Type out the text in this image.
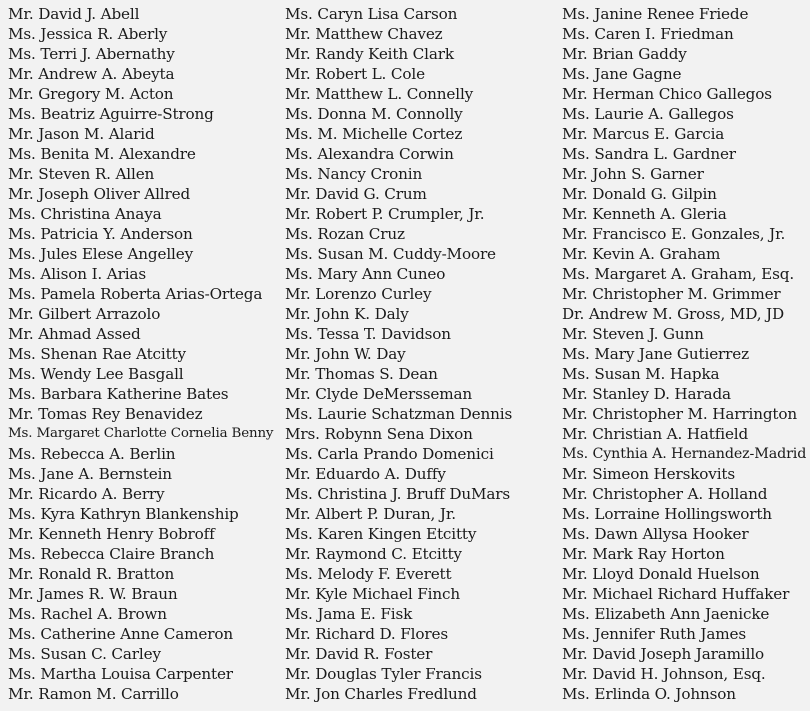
Mr. David J. Abell
Ms. Jessica R. Aberly
Ms. Terri J. Abernathy
Mr. Andrew A. Abeyta
Mr. Gregory M. Acton
Ms. Beatriz Aguirre-Strong
Mr. Jason M. Alarid
Ms. Benita M. Alexandre
Mr. Steven R. Allen
Mr. Joseph Oliver Allred
Ms. Christina Anaya
Ms. Patricia Y. Anderson
Ms. Jules Elese Angelley
Ms. Alison I. Arias
Ms. Pamela Roberta Arias-Ortega
Mr. Gilbert Arrazolo
Mr. Ahmad Assed
Ms. Shenan Rae Atcitty
Ms. Wendy Lee Basgall
Ms. Barbara Katherine Bates
Mr. Tomas Rey Benavidez
Ms. Margaret Charlotte Cornelia Benny
Ms. Rebecca A. Berlin
Ms. Jane A. Bernstein
Mr. Ricardo A. Berry
Ms. Kyra Kathryn Blankenship
Mr. Kenneth Henry Bobroff
Ms. Rebecca Claire Branch
Mr. Ronald R. Bratton
Mr. James R. W. Braun
Ms. Rachel A. Brown
Ms. Catherine Anne Cameron
Ms. Susan C. Carley
Ms. Martha Louisa Carpenter
Mr. Ramon M. Carrillo
Ms. Caryn Lisa Carson
Mr. Matthew Chavez
Mr. Randy Keith Clark
Mr. Robert L. Cole
Mr. Matthew L. Connelly
Ms. Donna M. Connolly
Ms. M. Michelle Cortez
Ms. Alexandra Corwin
Ms. Nancy Cronin
Mr. David G. Crum
Mr. Robert P. Crumpler, Jr.
Ms. Rozan Cruz
Ms. Susan M. Cuddy-Moore
Ms. Mary Ann Cuneo
Mr. Lorenzo Curley
Mr. John K. Daly
Ms. Tessa T. Davidson
Mr. John W. Day
Mr. Thomas S. Dean
Mr. Clyde DeMersseman
Ms. Laurie Schatzman Dennis
Mrs. Robynn Sena Dixon
Ms. Carla Prando Domenici
Mr. Eduardo A. Duffy
Ms. Christina J. Bruff DuMars
Mr. Albert P. Duran, Jr.
Ms. Karen Kingen Etcitty
Mr. Raymond C. Etcitty
Ms. Melody F. Everett
Mr. Kyle Michael Finch
Ms. Jama E. Fisk
Mr. Richard D. Flores
Mr. David R. Foster
Mr. Douglas Tyler Francis
Mr. Jon Charles Fredlund
Ms. Janine Renee Friede
Ms. Caren I. Friedman
Mr. Brian Gaddy
Ms. Jane Gagne
Mr. Herman Chico Gallegos
Ms. Laurie A. Gallegos
Mr. Marcus E. Garcia
Ms. Sandra L. Gardner
Mr. John S. Garner
Mr. Donald G. Gilpin
Mr. Kenneth A. Gleria
Mr. Francisco E. Gonzales, Jr.
Mr. Kevin A. Graham
Ms. Margaret A. Graham, Esq.
Mr. Christopher M. Grimmer
Dr. Andrew M. Gross, MD, JD
Mr. Steven J. Gunn
Ms. Mary Jane Gutierrez
Ms. Susan M. Hapka
Mr. Stanley D. Harada
Mr. Christopher M. Harrington
Mr. Christian A. Hatfield
Ms. Cynthia A. Hernandez-Madrid
Mr. Simeon Herskovits
Mr. Christopher A. Holland
Ms. Lorraine Hollingsworth
Ms. Dawn Allysa Hooker
Mr. Mark Ray Horton
Mr. Lloyd Donald Huelson
Mr. Michael Richard Huffaker
Ms. Elizabeth Ann Jaenicke
Ms. Jennifer Ruth James
Mr. David Joseph Jaramillo
Mr. David H. Johnson, Esq.
Ms. Erlinda O. Johnson
